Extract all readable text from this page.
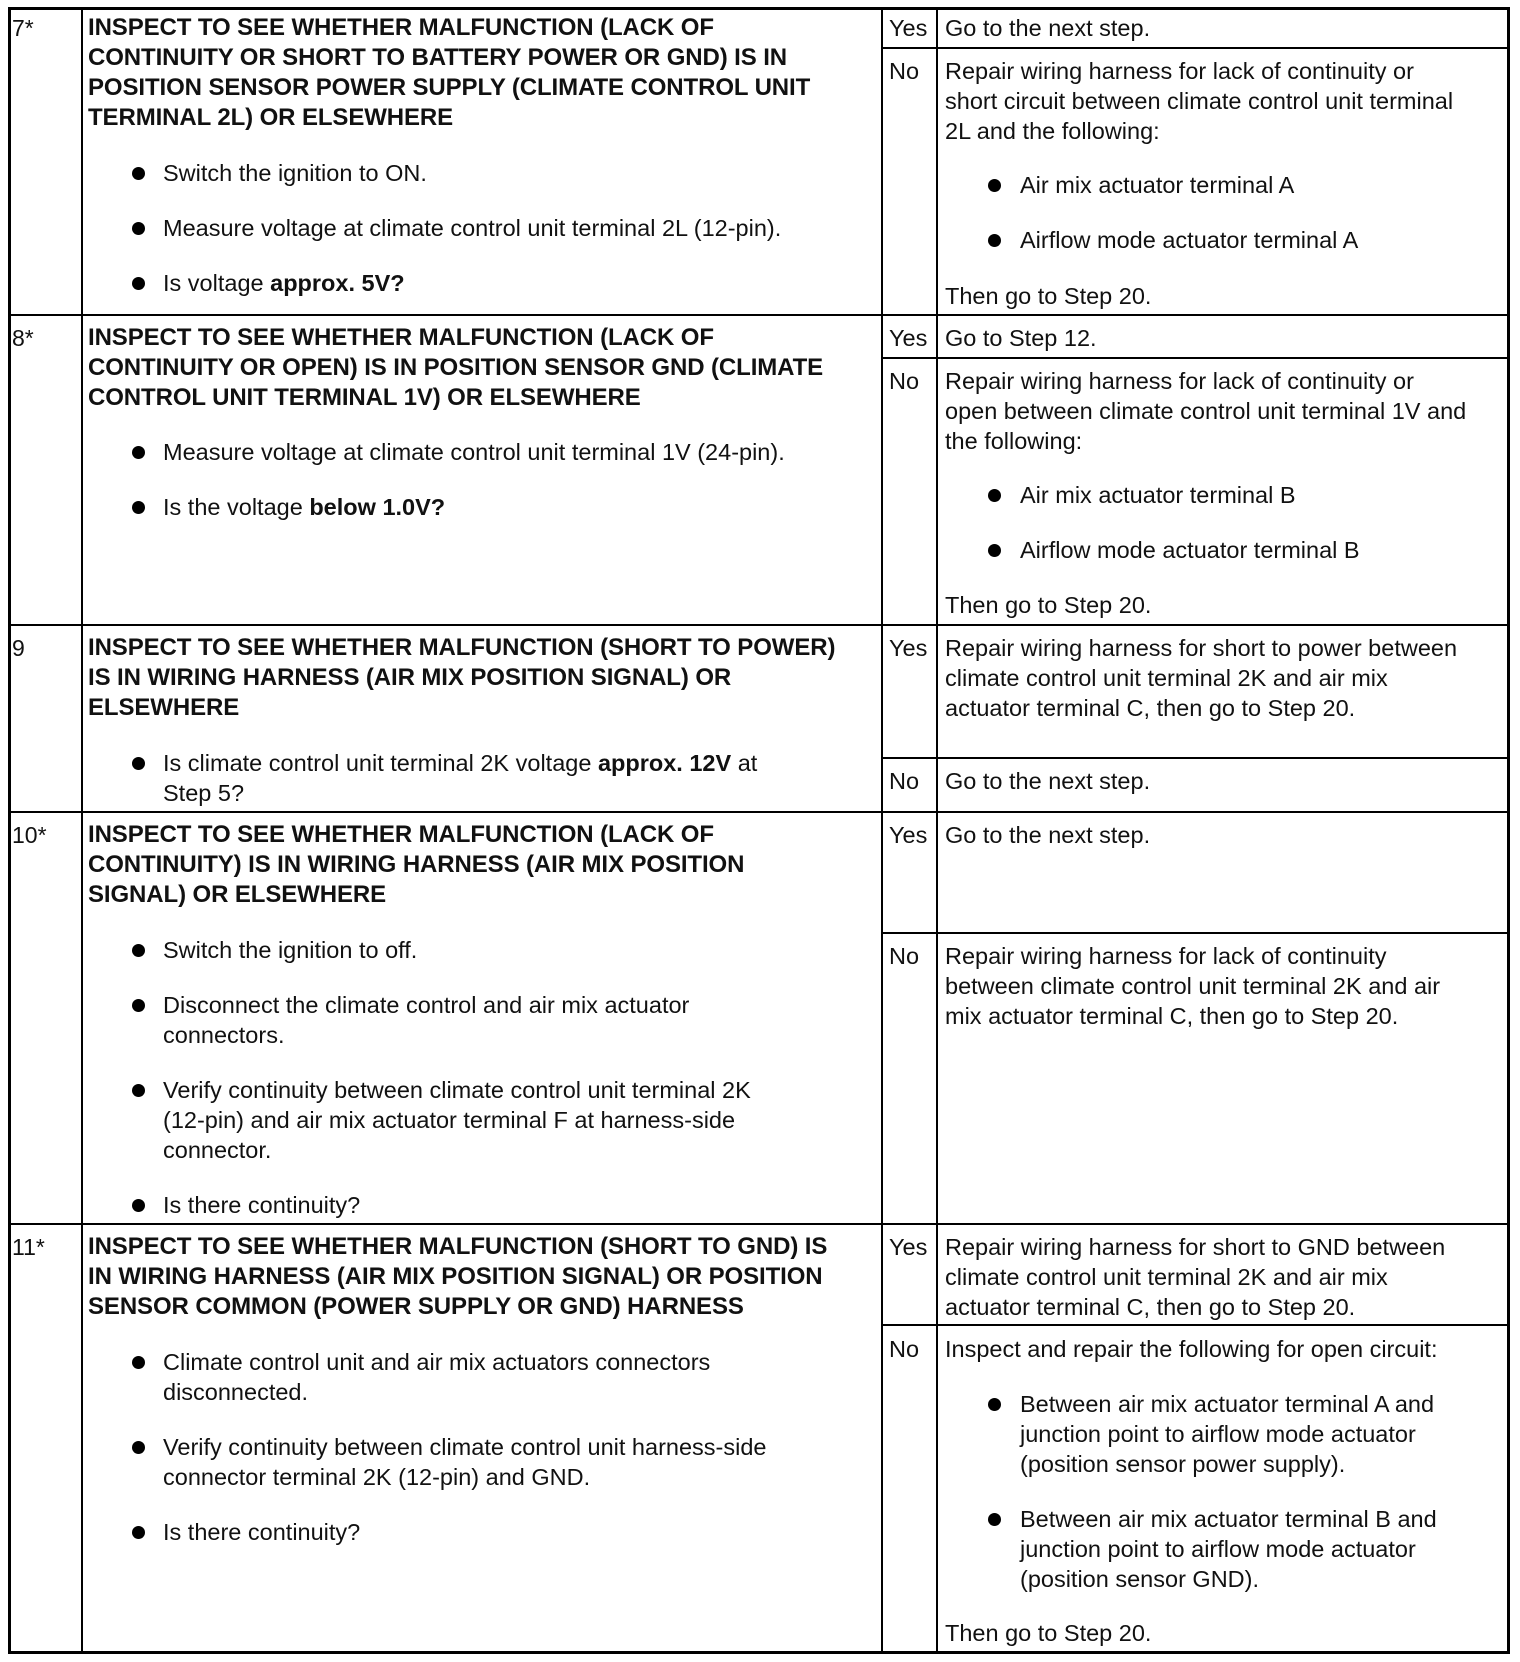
7* INSPECT TO SEE WHETHER MALFUNCTION (LACK OF
CONTINUITY OR SHORT TO BATTERY POWER OR GND) IS IN
POSITION SENSOR POWER SUPPLY (CLIMATE CONTROL UNIT
TERMINAL 2L) OR ELSEWHERE
Switch the ignition to ON.
Measure voltage at climate control unit terminal 2L (12-pin).
Is voltage approx. 5V?
Yes Go to the next step.
No Repair wiring harness for lack of continuity or
short circuit between climate control unit terminal
2L and the following:
Air mix actuator terminal A
Airflow mode actuator terminal A
Then go to Step 20.
8* INSPECT TO SEE WHETHER MALFUNCTION (LACK OF
CONTINUITY OR OPEN) IS IN POSITION SENSOR GND (CLIMATE
CONTROL UNIT TERMINAL 1V) OR ELSEWHERE
Measure voltage at climate control unit terminal 1V (24-pin).
Is the voltage below 1.0V?
Yes Go to Step 12.
No Repair wiring harness for lack of continuity or
open between climate control unit terminal 1V and
the following:
Air mix actuator terminal B
Airflow mode actuator terminal B
Then go to Step 20.
9	INSPECT TO SEE WHETHER MALFUNCTION (SHORT TO POWER)
IS IN WIRING HARNESS (AIR MIX POSITION SIGNAL) OR
ELSEWHERE
Is climate control unit terminal 2K voltage approx. 12V at
Step 5?
Yes Repair wiring harness for short to power between
climate control unit terminal 2K and air mix
actuator terminal C, then go to Step 20.
No Go to the next step.
10* INSPECT TO SEE WHETHER MALFUNCTION (LACK OF
CONTINUITY) IS IN WIRING HARNESS (AIR MIX POSITION
SIGNAL) OR ELSEWHERE
Switch the ignition to off.
Disconnect the climate control and air mix actuator
connectors.
Verify continuity between climate control unit terminal 2K
(12-pin) and air mix actuator terminal F at harness-side
connector.
Is there continuity?
Yes Go to the next step.
No Repair wiring harness for lack of continuity
between climate control unit terminal 2K and air
mix actuator terminal C, then go to Step 20.
11* INSPECT TO SEE WHETHER MALFUNCTION (SHORT TO GND) IS
IN WIRING HARNESS (AIR MIX POSITION SIGNAL) OR POSITION
SENSOR COMMON (POWER SUPPLY OR GND) HARNESS
Climate control unit and air mix actuators connectors
disconnected.
Verify continuity between climate control unit harness-side
connector terminal 2K (12-pin) and GND.
Is there continuity?
Yes Repair wiring harness for short to GND between
climate control unit terminal 2K and air mix
actuator terminal C, then go to Step 20.
No Inspect and repair the following for open circuit:
Between air mix actuator terminal A and
junction point to airflow mode actuator
(position sensor power supply).
Between air mix actuator terminal B and
junction point to airflow mode actuator
(position sensor GND).
Then go to Step 20.
